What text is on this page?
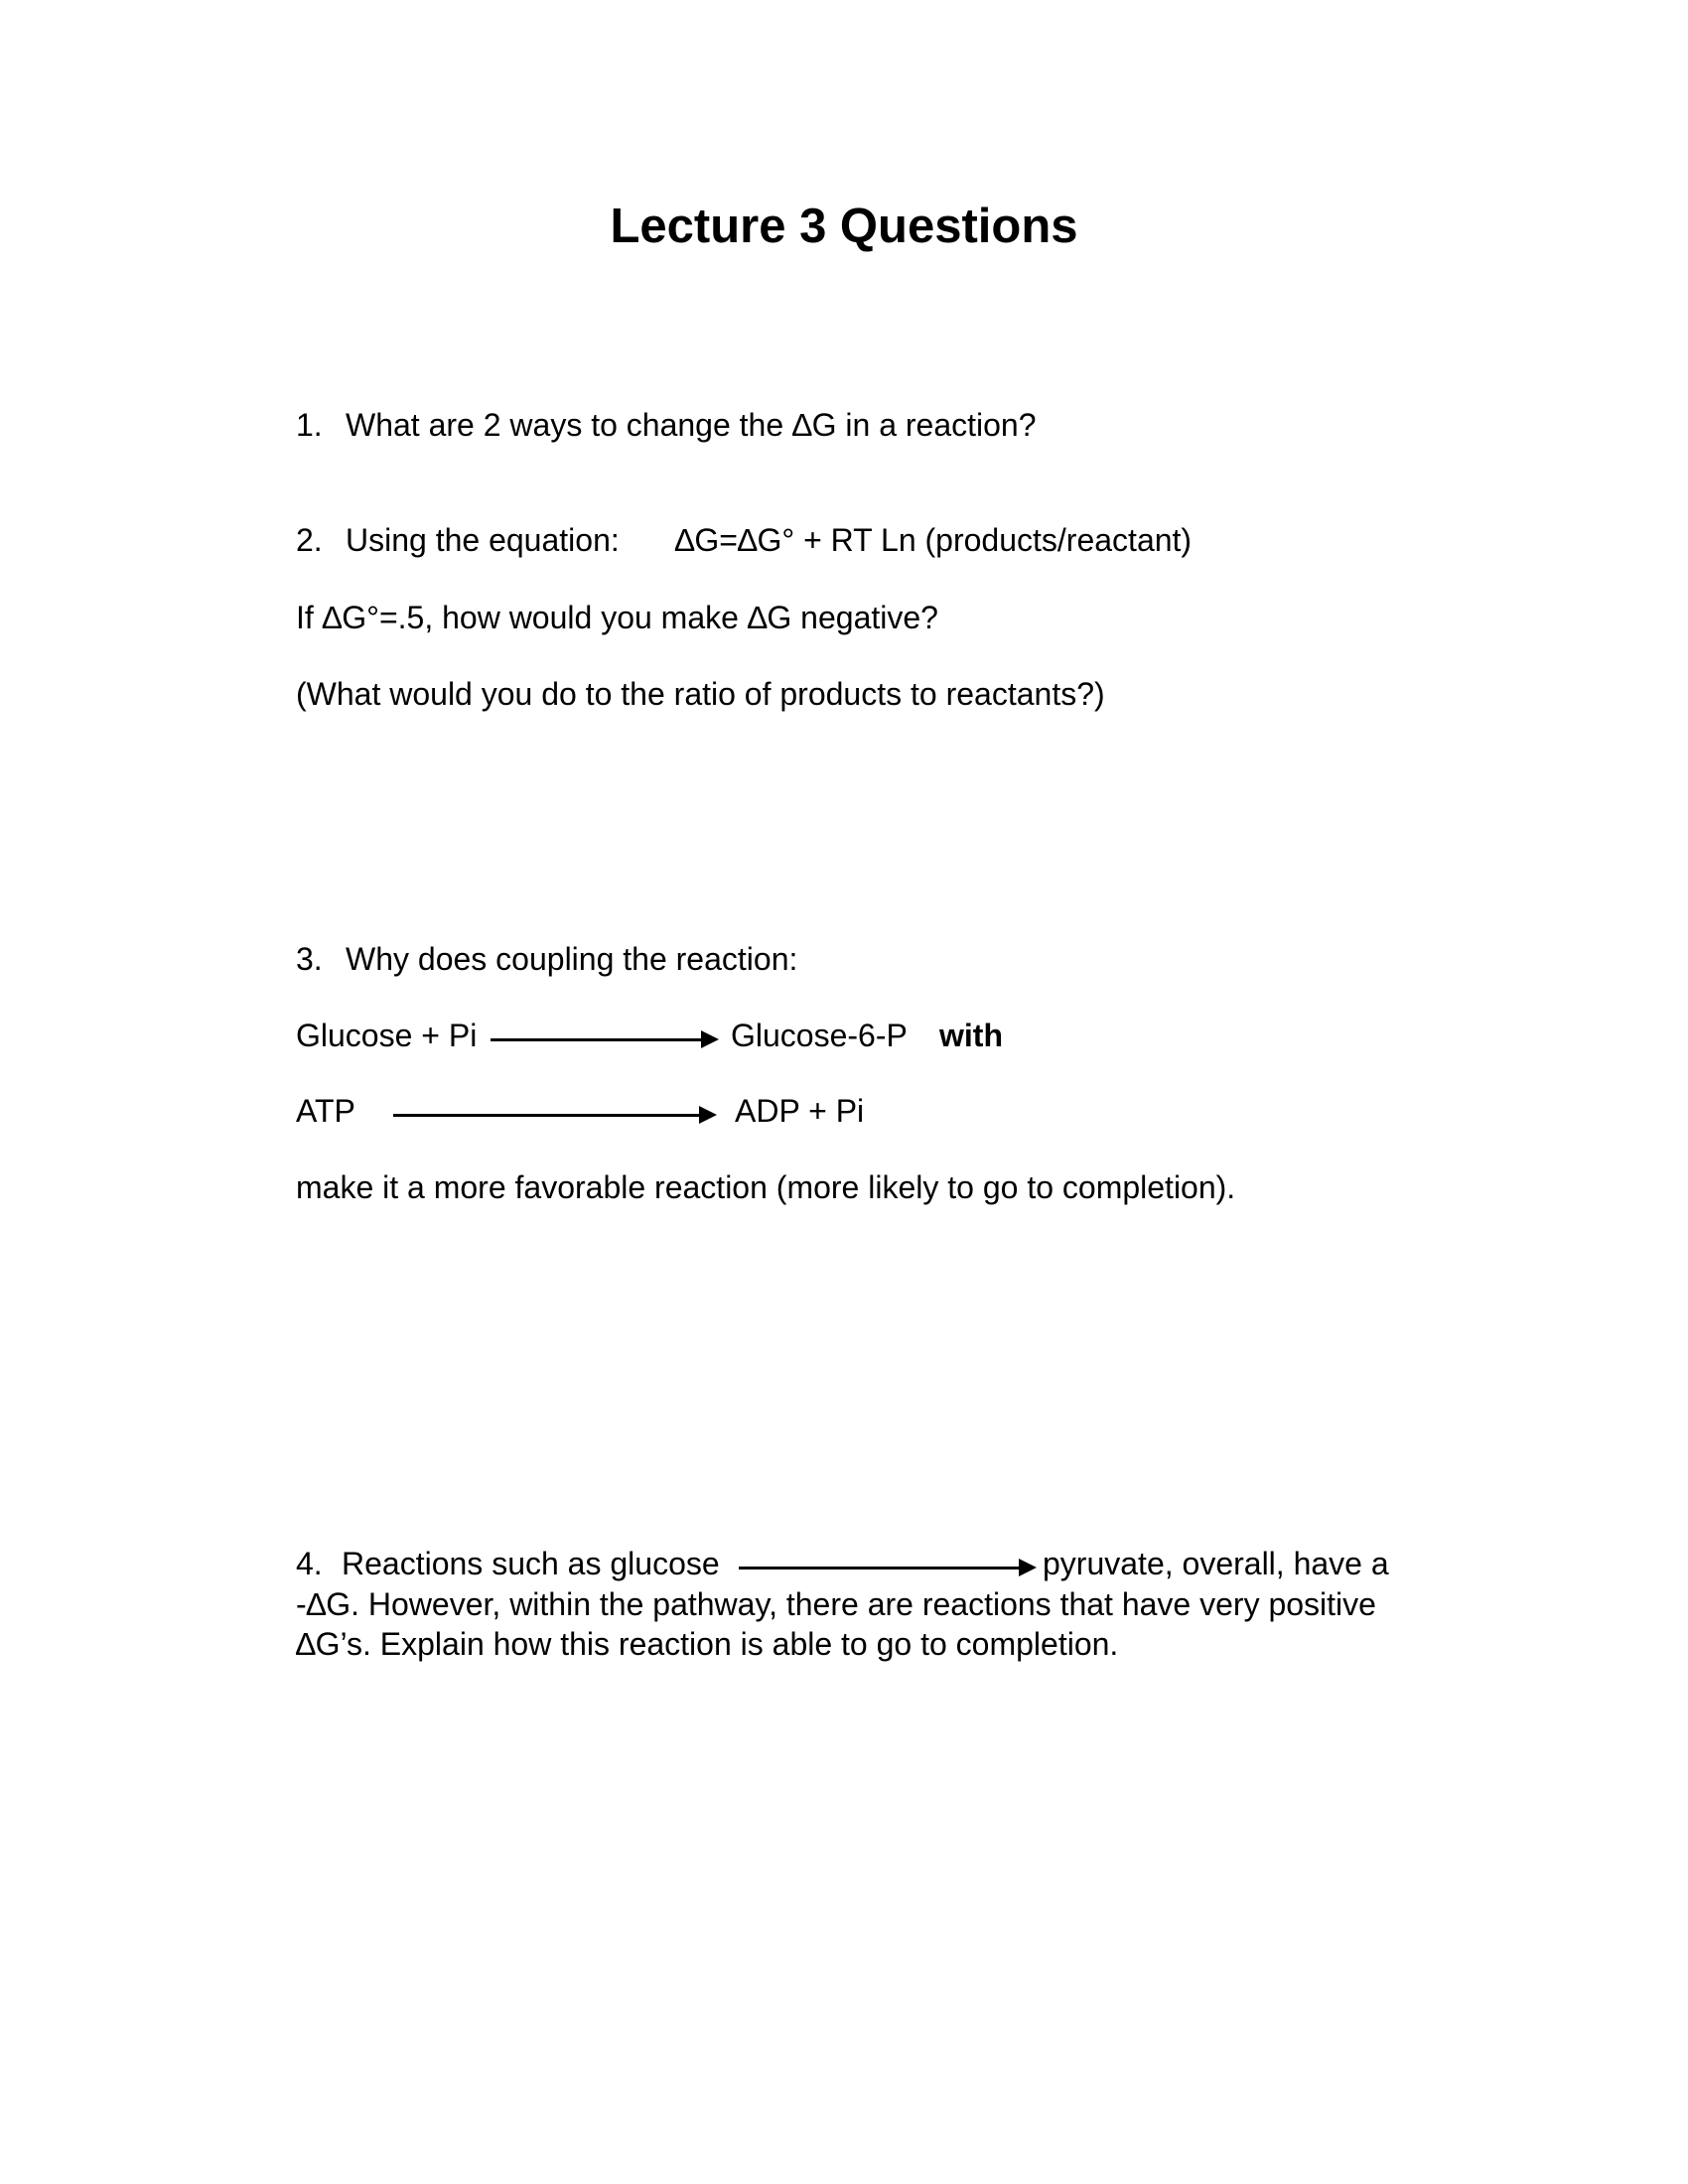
Lecture 3 Questions
1. What are 2 ways to change the ∆G in a reaction?
2. Using the equation: ∆G=∆G° + RT Ln (products/reactant)
If ∆G°=.5, how would you make ∆G negative?
(What would you do to the ratio of products to reactants?)
3. Why does coupling the reaction:
Glucose + Pi	Glucose-6-P with
ATP	ADP + Pi
make it a more favorable reaction (more likely to go to completion).
4. Reactions such as glucose	pyruvate, overall, have a
-∆G. However, within the pathway, there are reactions that have very positive
∆G’s. Explain how this reaction is able to go to completion.
